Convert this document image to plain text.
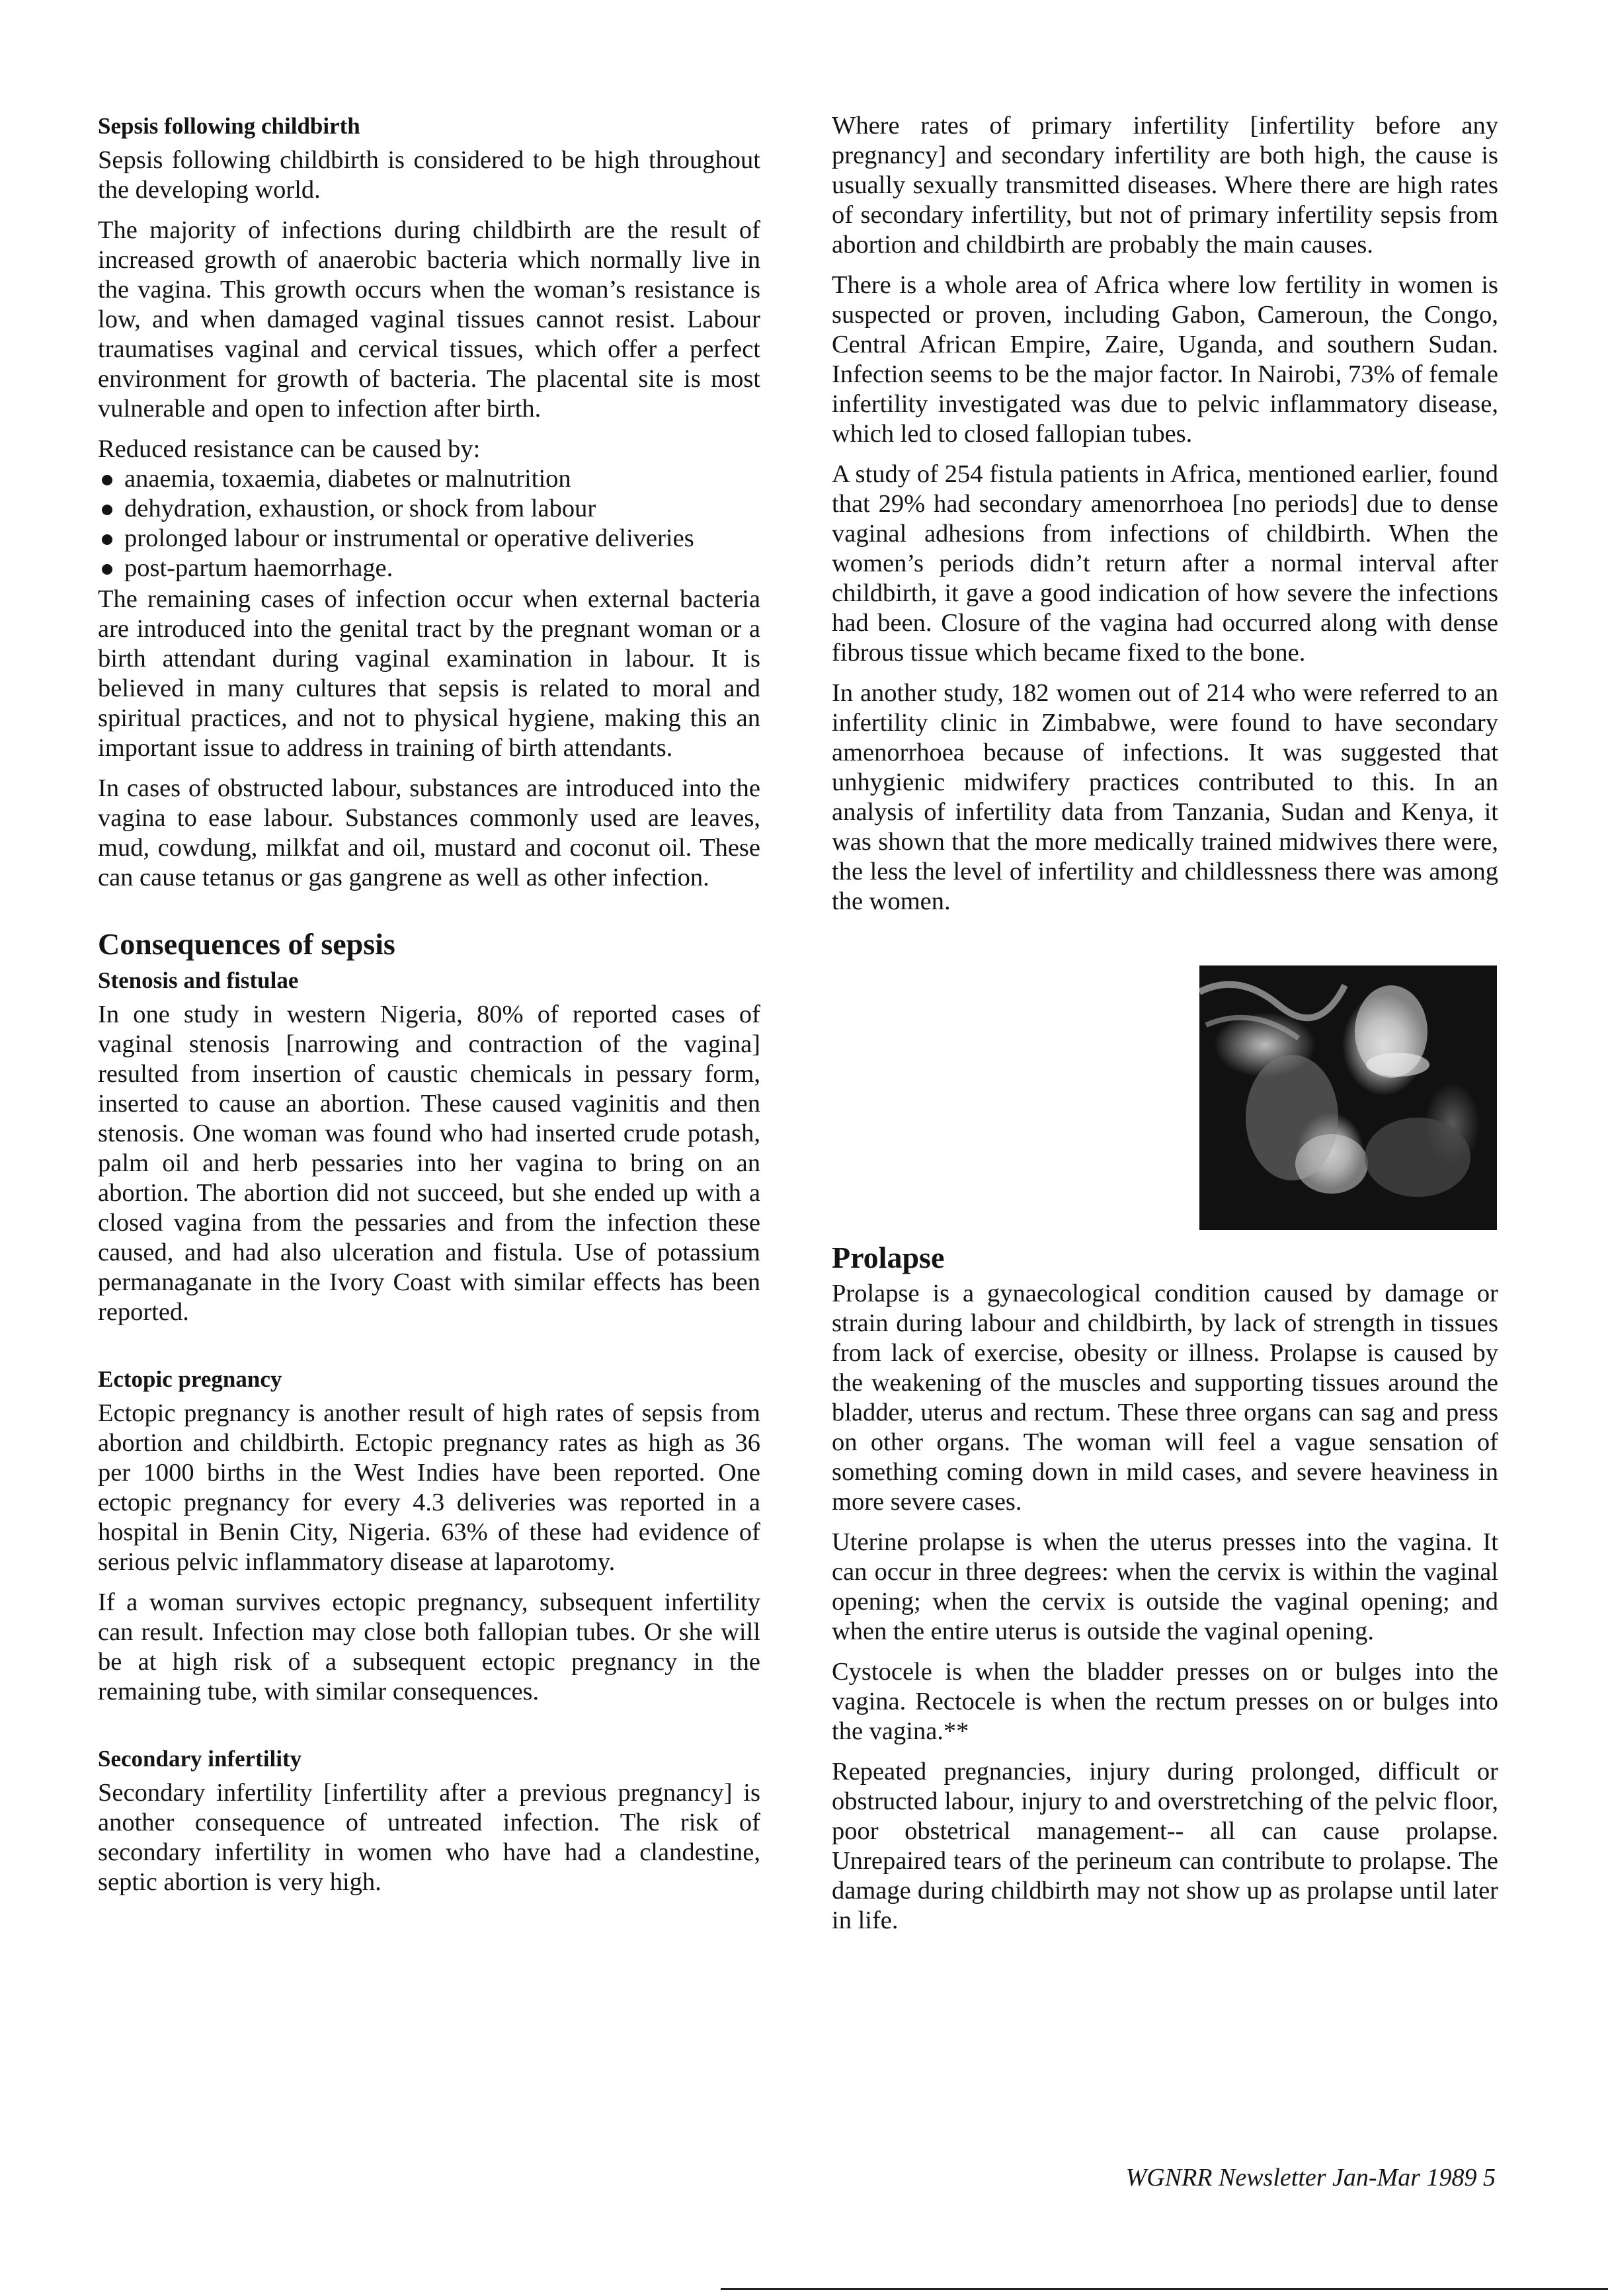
Sepsis following childbirth

Sepsis following childbirth is considered to be high throughout the developing world.

The majority of infections during childbirth are the result of increased growth of anaerobic bacteria which normally live in the vagina. This growth occurs when the woman’s resistance is low, and when damaged vaginal tissues cannot resist. Labour traumatises vaginal and cervical tissues, which offer a perfect environment for growth of bacteria. The placental site is most vulnerable and open to infection after birth.

Reduced resistance can be caused by:

anaemia, toxaemia, diabetes or malnutrition
dehydration, exhaustion, or shock from labour
prolonged labour or instrumental or operative deliveries
post-partum haemorrhage.

The remaining cases of infection occur when external bacteria are introduced into the genital tract by the pregnant woman or a birth attendant during vaginal examination in labour. It is believed in many cultures that sepsis is related to moral and spiritual practices, and not to physical hygiene, making this an important issue to address in training of birth attendants.

In cases of obstructed labour, substances are introduced into the vagina to ease labour. Substances commonly used are leaves, mud, cowdung, milkfat and oil, mustard and coconut oil. These can cause tetanus or gas gangrene as well as other infection.

Consequences of sepsis
Stenosis and fistulae

In one study in western Nigeria, 80% of reported cases of vaginal stenosis [narrowing and contraction of the vagina] resulted from insertion of caustic chemicals in pessary form, inserted to cause an abortion. These caused vaginitis and then stenosis. One woman was found who had inserted crude potash, palm oil and herb pessaries into her vagina to bring on an abortion. The abortion did not succeed, but she ended up with a closed vagina from the pessaries and from the infection these caused, and had also ulceration and fistula. Use of potassium permanaganate in the Ivory Coast with similar effects has been reported.

Ectopic pregnancy

Ectopic pregnancy is another result of high rates of sepsis from abortion and childbirth. Ectopic pregnancy rates as high as 36 per 1000 births in the West Indies have been reported. One ectopic pregnancy for every 4.3 deliveries was reported in a hospital in Benin City, Nigeria. 63% of these had evidence of serious pelvic inflammatory disease at laparotomy.

If a woman survives ectopic pregnancy, subsequent infertility can result. Infection may close both fallopian tubes. Or she will be at high risk of a subsequent ectopic pregnancy in the remaining tube, with similar consequences.

Secondary infertility

Secondary infertility [infertility after a previous pregnancy] is another consequence of untreated infection. The risk of secondary infertility in women who have had a clandestine, septic abortion is very high.

Where rates of primary infertility [infertility before any pregnancy] and secondary infertility are both high, the cause is usually sexually transmitted diseases. Where there are high rates of secondary infertility, but not of primary infertility sepsis from abortion and childbirth are probably the main causes.

There is a whole area of Africa where low fertility in women is suspected or proven, including Gabon, Cameroun, the Congo, Central African Empire, Zaire, Uganda, and southern Sudan. Infection seems to be the major factor. In Nairobi, 73% of female infertility investigated was due to pelvic inflammatory disease, which led to closed fallopian tubes.

A study of 254 fistula patients in Africa, mentioned earlier, found that 29% had secondary amenorrhoea [no periods] due to dense vaginal adhesions from infections of childbirth. When the women’s periods didn’t return after a normal interval after childbirth, it gave a good indication of how severe the infections had been. Closure of the vagina had occurred along with dense fibrous tissue which became fixed to the bone.

In another study, 182 women out of 214 who were referred to an infertility clinic in Zimbabwe, were found to have secondary amenorrhoea because of infections. It was suggested that unhygienic midwifery practices contributed to this. In an analysis of infertility data from Tanzania, Sudan and Kenya, it was shown that the more medically trained midwives there were, the less the level of infertility and childlessness there was among the women.

Prolapse

Prolapse is a gynaecological condition caused by damage or strain during labour and childbirth, by lack of strength in tissues from lack of exercise, obesity or illness. Prolapse is caused by the weakening of the muscles and supporting tissues around the bladder, uterus and rectum. These three organs can sag and press on other organs. The woman will feel a vague sensation of something coming down in mild cases, and severe heaviness in more severe cases.

Uterine prolapse is when the uterus presses into the vagina. It can occur in three degrees: when the cervix is within the vaginal opening; when the cervix is outside the vaginal opening; and when the entire uterus is outside the vaginal opening.

Cystocele is when the bladder presses on or bulges into the vagina. Rectocele is when the rectum presses on or bulges into the vagina.**

Repeated pregnancies, injury during prolonged, difficult or obstructed labour, injury to and overstretching of the pelvic floor, poor obstetrical management-- all can cause prolapse. Unrepaired tears of the perineum can contribute to prolapse. The damage during childbirth may not show up as prolapse until later in life.

WGNRR Newsletter Jan-Mar 1989 5
